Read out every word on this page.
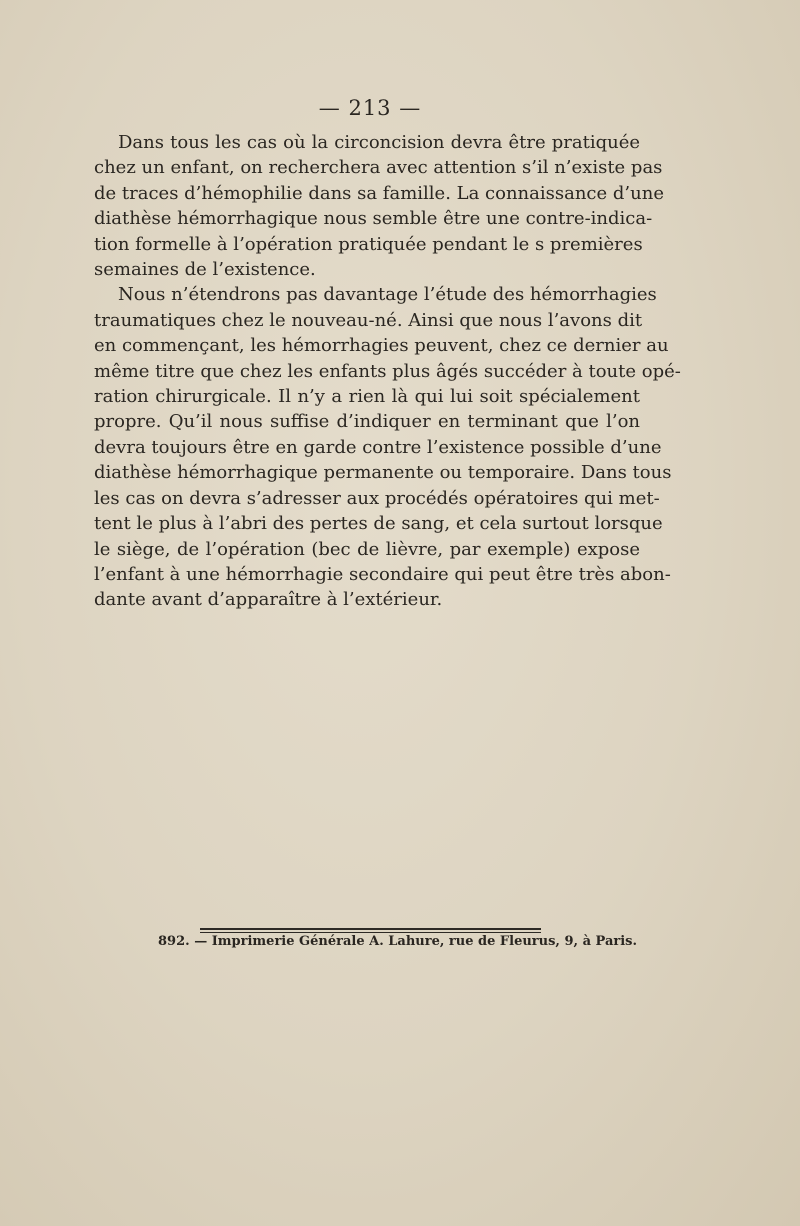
— 213 —
Dans tous les cas où la circoncision devra être pratiquée
chez un enfant, on recherchera avec attention s’il n’existe pas
de traces d’hémophilie dans sa famille. La connaissance d’une
diathèse hémorrhagique nous semble être une contre-indica-
tion formelle à l’opération pratiquée pendant le s premières
semaines de l’existence.
Nous n’étendrons pas davantage l’étude des hémorrhagies
traumatiques chez le nouveau-né. Ainsi que nous l’avons dit
en commençant, les hémorrhagies peuvent, chez ce dernier au
même titre que chez les enfants plus âgés succéder à toute opé-
ration chirurgicale. Il n’y a rien là qui lui soit spécialement
propre. Qu’il nous suffise d’indiquer en terminant que l’on
devra toujours être en garde contre l’existence possible d’une
diathèse hémorrhagique permanente ou temporaire. Dans tous
les cas on devra s’adresser aux procédés opératoires qui met-
tent le plus à l’abri des pertes de sang, et cela surtout lorsque
le siège, de l’opération (bec de lièvre, par exemple) expose
l’enfant à une hémorrhagie secondaire qui peut être très abon-
dante avant d’apparaître à l’extérieur.
892. — Imprimerie Générale A. Lahure, rue de Fleurus, 9, à Paris.
